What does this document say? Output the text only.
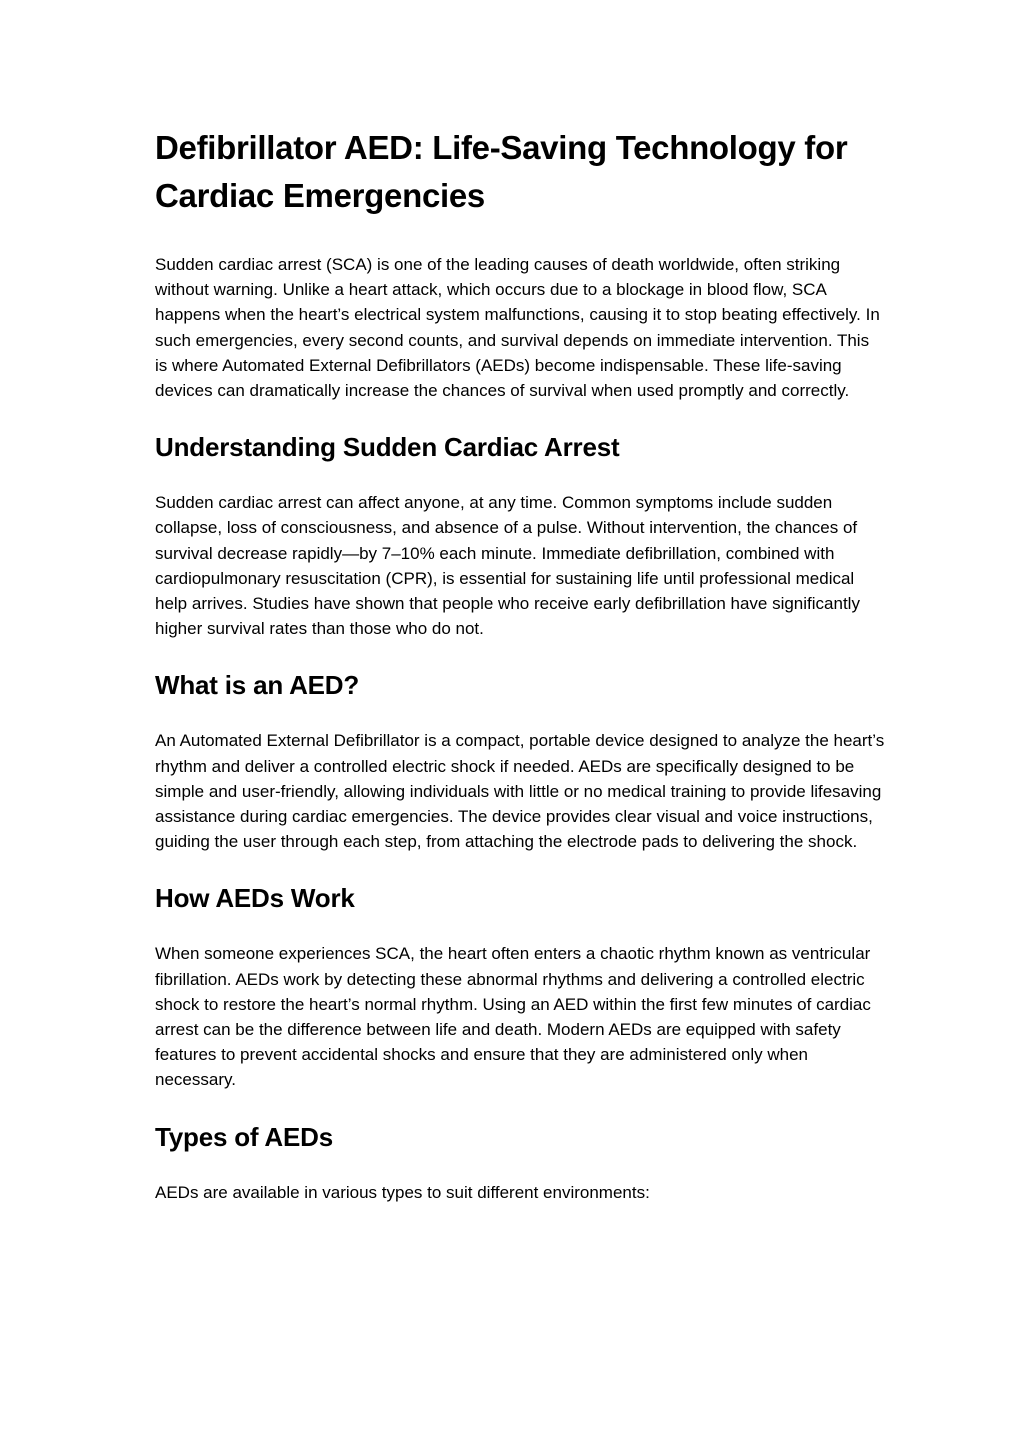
Defibrillator AED: Life-Saving Technology for Cardiac Emergencies

Sudden cardiac arrest (SCA) is one of the leading causes of death worldwide, often striking without warning. Unlike a heart attack, which occurs due to a blockage in blood flow, SCA happens when the heart’s electrical system malfunctions, causing it to stop beating effectively. In such emergencies, every second counts, and survival depends on immediate intervention. This is where Automated External Defibrillators (AEDs) become indispensable. These life-saving devices can dramatically increase the chances of survival when used promptly and correctly.

Understanding Sudden Cardiac Arrest

Sudden cardiac arrest can affect anyone, at any time. Common symptoms include sudden collapse, loss of consciousness, and absence of a pulse. Without intervention, the chances of survival decrease rapidly—by 7–10% each minute. Immediate defibrillation, combined with cardiopulmonary resuscitation (CPR), is essential for sustaining life until professional medical help arrives. Studies have shown that people who receive early defibrillation have significantly higher survival rates than those who do not.

What is an AED?

An Automated External Defibrillator is a compact, portable device designed to analyze the heart’s rhythm and deliver a controlled electric shock if needed. AEDs are specifically designed to be simple and user-friendly, allowing individuals with little or no medical training to provide lifesaving assistance during cardiac emergencies. The device provides clear visual and voice instructions, guiding the user through each step, from attaching the electrode pads to delivering the shock.

How AEDs Work

When someone experiences SCA, the heart often enters a chaotic rhythm known as ventricular fibrillation. AEDs work by detecting these abnormal rhythms and delivering a controlled electric shock to restore the heart’s normal rhythm. Using an AED within the first few minutes of cardiac arrest can be the difference between life and death. Modern AEDs are equipped with safety features to prevent accidental shocks and ensure that they are administered only when necessary.

Types of AEDs

AEDs are available in various types to suit different environments:
